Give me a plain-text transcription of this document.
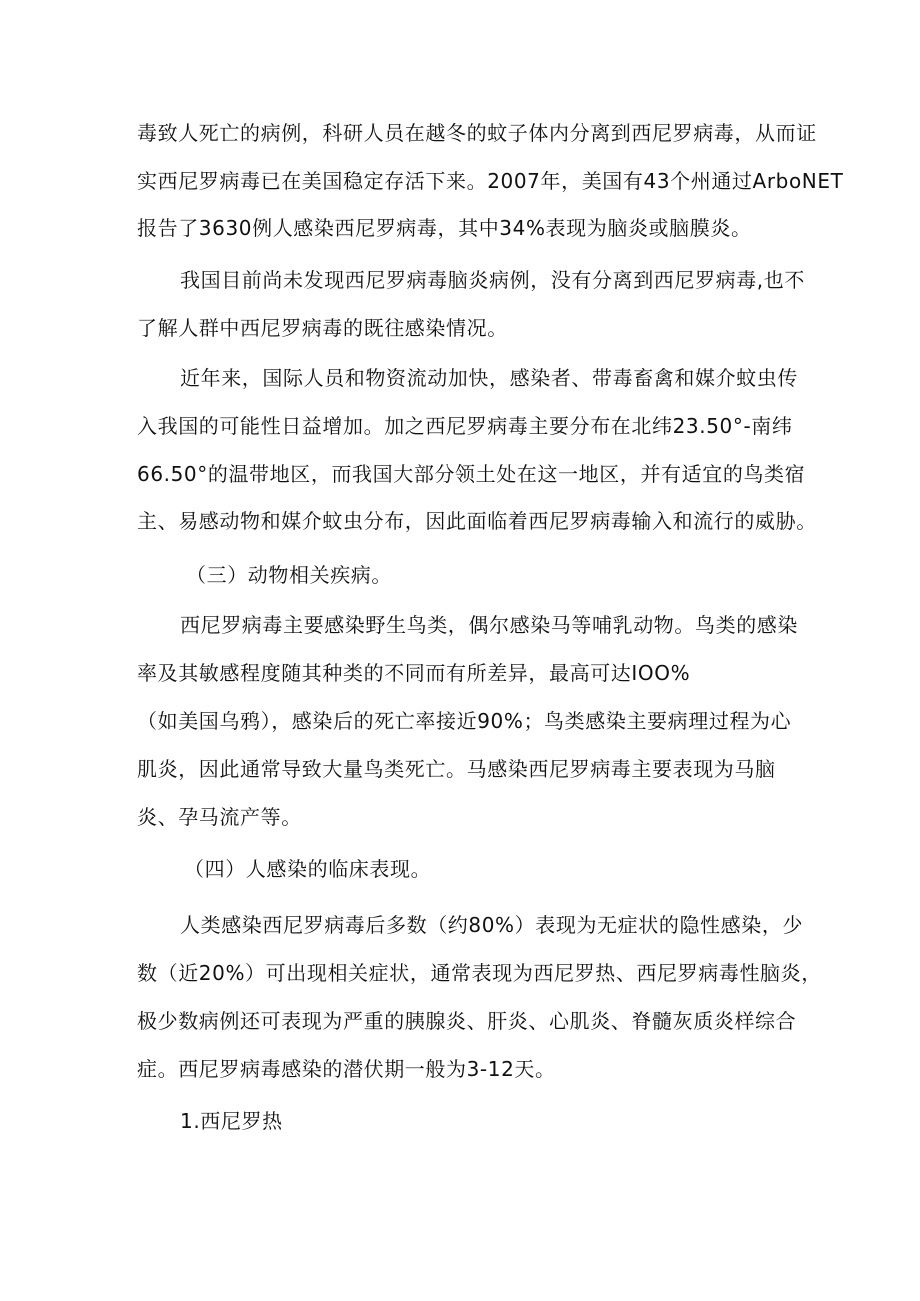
毒致人死亡的病例，科研人员在越冬的蚊子体内分离到西尼罗病毒，从而证

实西尼罗病毒已在美国稳定存活下来。2007年，美国有43个州通过ArboNET

报告了3630例人感染西尼罗病毒，其中34%表现为脑炎或脑膜炎。

我国目前尚未发现西尼罗病毒脑炎病例，没有分离到西尼罗病毒,也不

了解人群中西尼罗病毒的既往感染情况。

近年来，国际人员和物资流动加快，感染者、带毒畜禽和媒介蚊虫传

入我国的可能性日益增加。加之西尼罗病毒主要分布在北纬23.50°-南纬

66.50°的温带地区，而我国大部分领土处在这一地区，并有适宜的鸟类宿

主、易感动物和媒介蚊虫分布，因此面临着西尼罗病毒输入和流行的威胁。

（三）动物相关疾病。

西尼罗病毒主要感染野生鸟类，偶尔感染马等哺乳动物。鸟类的感染

率及其敏感程度随其种类的不同而有所差异，最高可达IOO%

（如美国乌鸦），感染后的死亡率接近90%；鸟类感染主要病理过程为心

肌炎，因此通常导致大量鸟类死亡。马感染西尼罗病毒主要表现为马脑

炎、孕马流产等。

（四）人感染的临床表现。

人类感染西尼罗病毒后多数（约80%）表现为无症状的隐性感染，少

数（近20%）可出现相关症状，通常表现为西尼罗热、西尼罗病毒性脑炎，

极少数病例还可表现为严重的胰腺炎、肝炎、心肌炎、脊髓灰质炎样综合

症。西尼罗病毒感染的潜伏期一般为3-12天。

1.西尼罗热
